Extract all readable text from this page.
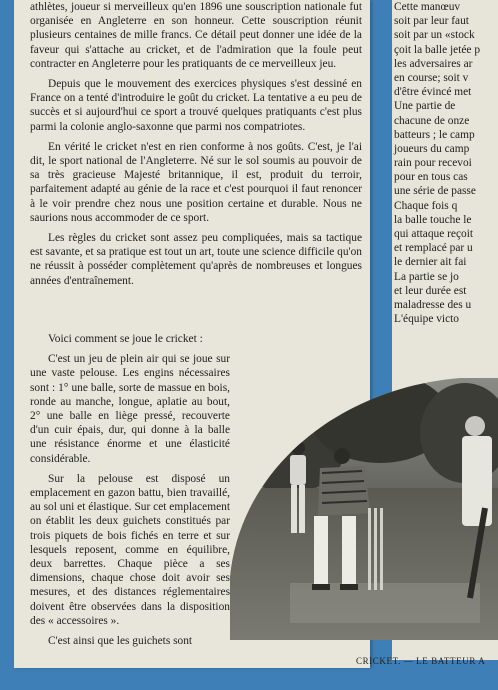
athlètes, joueur si merveilleux qu'en 1896 une souscription nationale fut organisée en Angleterre en son honneur. Cette souscription réunit plusieurs centaines de mille francs. Ce détail peut donner une idée de la faveur qui s'attache au cricket, et de l'admiration que la foule peut contracter en Angleterre pour les pratiquants de ce merveilleux jeu.

Depuis que le mouvement des exercices physiques s'est dessiné en France on a tenté d'introduire le goût du cricket. La tentative a eu peu de succès et si aujourd'hui ce sport a trouvé quelques pratiquants c'est plus parmi la colonie anglo-saxonne que parmi nos compatriotes.

En vérité le cricket n'est en rien conforme à nos goûts. C'est, je l'ai dit, le sport national de l'Angleterre. Né sur le sol soumis au pouvoir de sa très gracieuse Majesté britannique, il est, produit du terroir, parfaitement adapté au génie de la race et c'est pourquoi il faut renoncer à le voir prendre chez nous une position certaine et durable. Nous ne saurions nous accommoder de ce sport.

Les règles du cricket sont assez peu compliquées, mais sa tactique est savante, et sa pratique est tout un art, toute une science difficile qu'on ne réussit à posséder complètement qu'après de nombreuses et longues années d'entraînement.

Voici comment se joue le cricket :

C'est un jeu de plein air qui se joue sur une vaste pelouse. Les engins nécessaires sont : 1° une balle, sorte de massue en bois, ronde au manche, longue, aplatie au bout, 2° une balle en liège pressé, recouverte d'un cuir épais, dur, qui donne à la balle une résistance énorme et une élasticité considérable.

Sur la pelouse est disposé un emplacement en gazon battu, bien travaillé, au sol uni et élastique. Sur cet emplacement on établit les deux guichets constitués par trois piquets de bois fichés en terre et sur lesquels reposent, comme en équilibre, deux barrettes. Chaque pièce a ses dimensions, chaque chose doit avoir ses mesures, et des distances réglementaires doivent être observées dans la disposition des « accessoires ».

C'est ainsi que les guichets sont

Cette manœuv
soit par leur faut
soit par un «stock
çoit la balle jetée p
les adversaires ar
en course; soit v
d'être évincé met
Une partie de
chacune de onze
batteurs ; le camp
joueurs du camp
rain pour recevoi
pour en tous cas
une série de passe
Chaque fois q
la balle touche le
qui attaque reçoit
et remplacé par u
le dernier ait fai
La partie se jo
et leur durée est
maladresse des u
L'équipe victo
CRICKET. — LE BATTEUR A
